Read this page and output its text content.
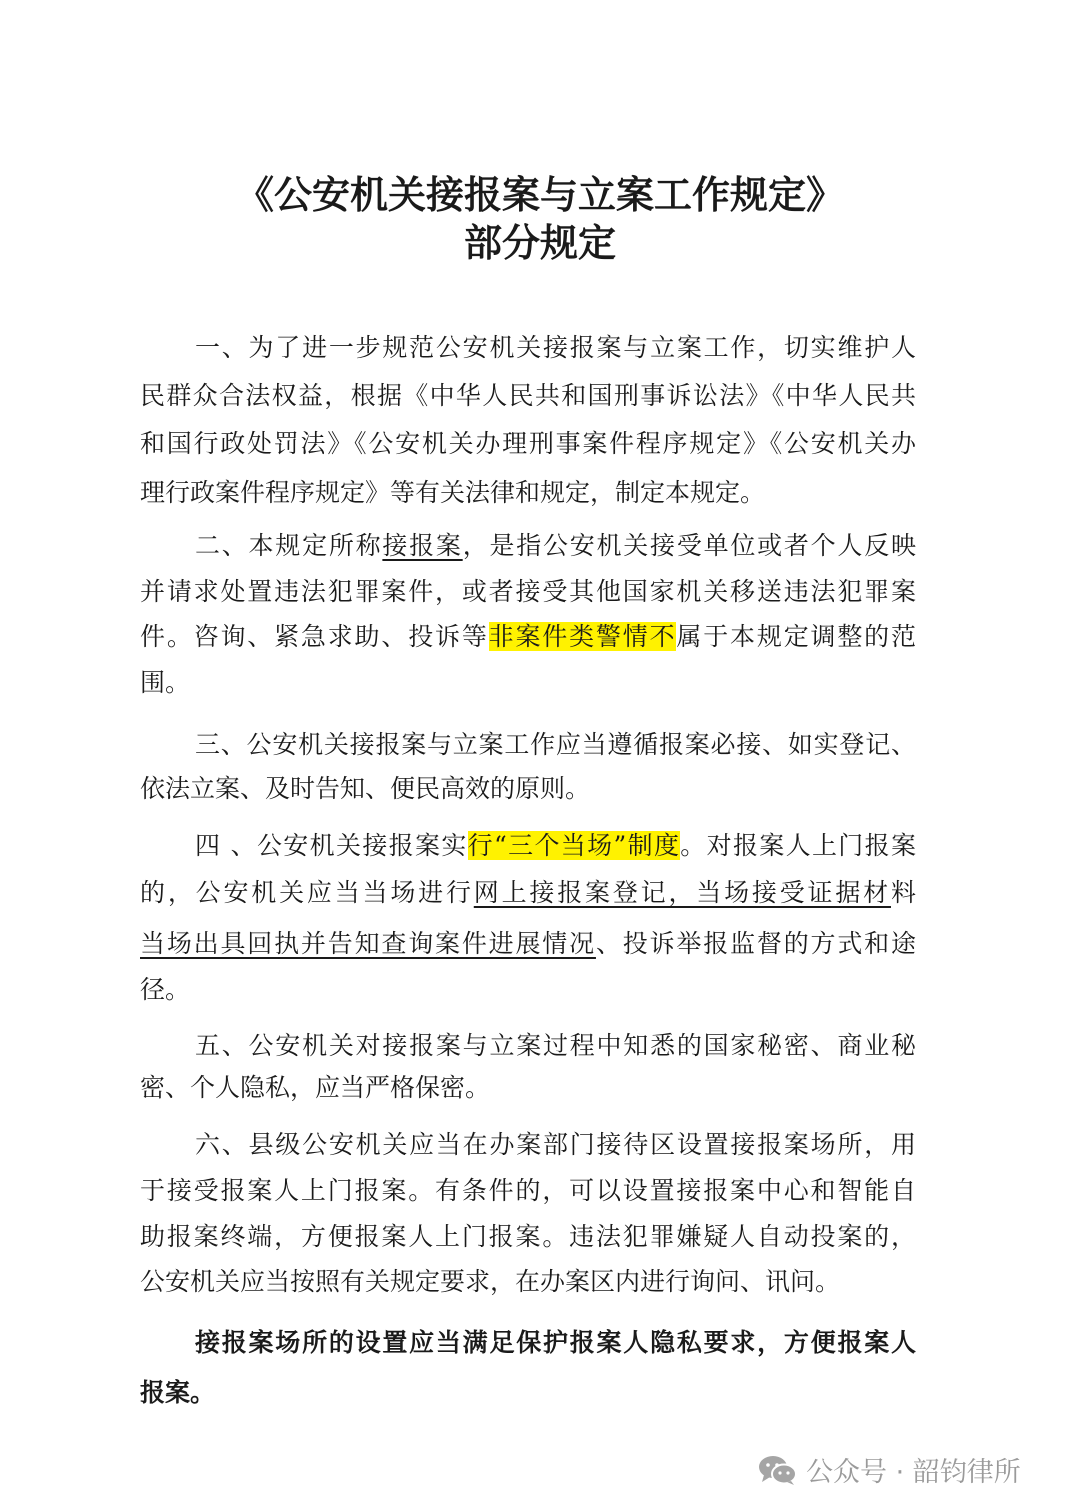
《公安机关接报案与立案工作规定》
部分规定
一、为了进一步规范公安机关接报案与立案工作，切实维护人
民群众合法权益，根据《中华人民共和国刑事诉讼法》《中华人民共
和国行政处罚法》《公安机关办理刑事案件程序规定》《公安机关办
理行政案件程序规定》等有关法律和规定，制定本规定。
二、本规定所称接报案，是指公安机关接受单位或者个人反映
并请求处置违法犯罪案件，或者接受其他国家机关移送违法犯罪案
件。咨询、紧急求助、投诉等非案件类警情不属于本规定调整的范
围。
三、公安机关接报案与立案工作应当遵循报案必接、如实登记、
依法立案、及时告知、便民高效的原则。
四 、公安机关接报案实行“三个当场”制度。对报案人上门报案
的，公安机关应当当场进行网上接报案登记，当场接受证据材料
当场出具回执并告知查询案件进展情况、投诉举报监督的方式和途
径。
五、公安机关对接报案与立案过程中知悉的国家秘密、商业秘
密、个人隐私，应当严格保密。
六、县级公安机关应当在办案部门接待区设置接报案场所，用
于接受报案人上门报案。有条件的，可以设置接报案中心和智能自
助报案终端，方便报案人上门报案。违法犯罪嫌疑人自动投案的，
公安机关应当按照有关规定要求，在办案区内进行询问、讯问。
接报案场所的设置应当满足保护报案人隐私要求，方便报案人
报案。
公众号 · 韶钧律所
